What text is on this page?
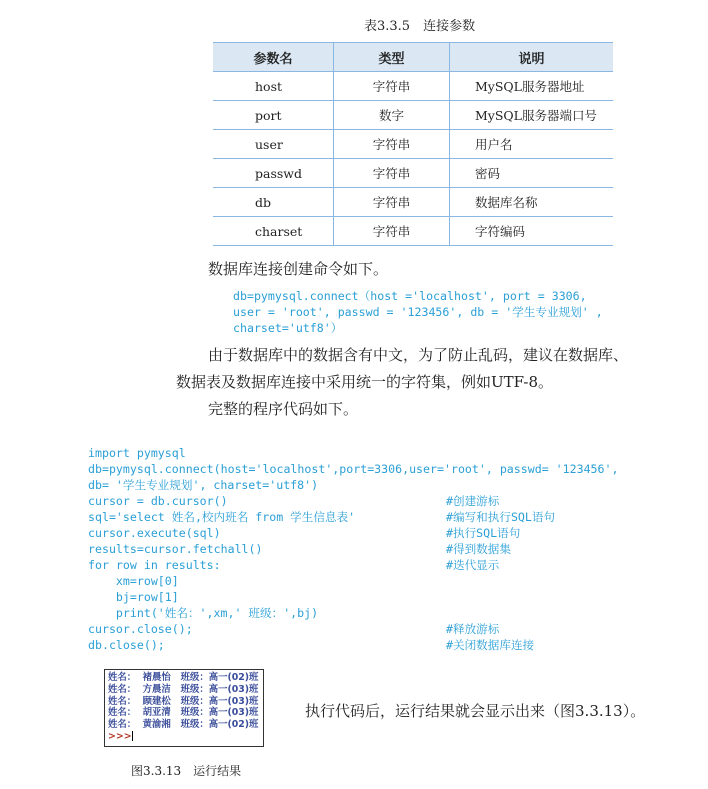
表3.3.5　连接参数
参数名	类型	说明
host	字符串	MySQL服务器地址
port	数字	MySQL服务器端口号
user	字符串	用户名
passwd	字符串	密码
db	字符串	数据库名称
charset	字符串	字符编码
数据库连接创建命令如下。
db=pymysql.connect（host ='localhost', port = 3306,
user = 'root', passwd = '123456', db = '学生专业规划' ,
charset='utf8'）
由于数据库中的数据含有中文，为了防止乱码，建议在数据库、
数据表及数据库连接中采用统一的字符集，例如UTF-8。
完整的程序代码如下。
import pymysql
db=pymysql.connect(host='localhost',port=3306,user='root', passwd= '123456',
db= '学生专业规划', charset='utf8')
cursor = db.cursor()	#创建游标
sql='select 姓名,校内班名 from 学生信息表'	#编写和执行SQL语句
cursor.execute(sql)	#执行SQL语句
results=cursor.fetchall()	#得到数据集
for row in results:	#迭代显示
xm=row[0]
bj=row[1]
print('姓名：',xm,' 班级：',bj)
cursor.close();	#释放游标
db.close();	#关闭数据库连接
姓名：  褚晨怡   班级：高一(02)班
姓名：  方晨洁   班级：高一(03)班
姓名：  顾建松   班级：高一(03)班
姓名：  胡亚清   班级：高一(03)班
姓名：  黄渝湘   班级：高一(02)班
>>>
图3.3.13　运行结果
执行代码后，运行结果就会显示出来（图3.3.13）。
